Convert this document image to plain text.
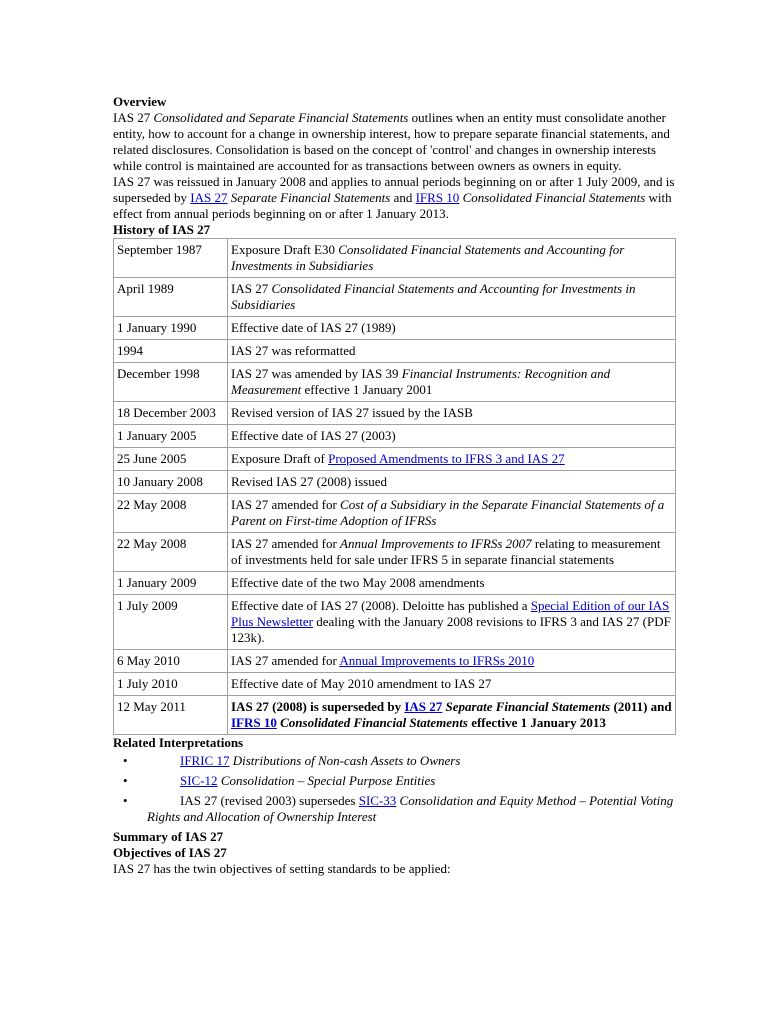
Overview

IAS 27 Consolidated and Separate Financial Statements outlines when an entity must consolidate another entity, how to account for a change in ownership interest, how to prepare separate financial statements, and related disclosures. Consolidation is based on the concept of 'control' and changes in ownership interests while control is maintained are accounted for as transactions between owners as owners in equity.

IAS 27 was reissued in January 2008 and applies to annual periods beginning on or after 1 July 2009, and is superseded by IAS 27 Separate Financial Statements and IFRS 10 Consolidated Financial Statements with effect from annual periods beginning on or after 1 January 2013.

History of IAS 27
September 1987	Exposure Draft E30 Consolidated Financial Statements and Accounting for Investments in Subsidiaries
April 1989	IAS 27 Consolidated Financial Statements and Accounting for Investments in Subsidiaries
1 January 1990	Effective date of IAS 27 (1989)
1994	IAS 27 was reformatted
December 1998	IAS 27 was amended by IAS 39 Financial Instruments: Recognition and Measurement effective 1 January 2001
18 December 2003	Revised version of IAS 27 issued by the IASB
1 January 2005	Effective date of IAS 27 (2003)
25 June 2005	Exposure Draft of Proposed Amendments to IFRS 3 and IAS 27
10 January 2008	Revised IAS 27 (2008) issued
22 May 2008	IAS 27 amended for Cost of a Subsidiary in the Separate Financial Statements of a Parent on First-time Adoption of IFRSs
22 May 2008	IAS 27 amended for Annual Improvements to IFRSs 2007 relating to measurement of investments held for sale under IFRS 5 in separate financial statements
1 January 2009	Effective date of the two May 2008 amendments
1 July 2009	Effective date of IAS 27 (2008). Deloitte has published a Special Edition of our IAS Plus Newsletter dealing with the January 2008 revisions to IFRS 3 and IAS 27 (PDF 123k).
6 May 2010	IAS 27 amended for Annual Improvements to IFRSs 2010
1 July 2010	Effective date of May 2010 amendment to IAS 27
12 May 2011	IAS 27 (2008) is superseded by IAS 27 Separate Financial Statements (2011) and IFRS 10 Consolidated Financial Statements effective 1 January 2013
Related Interpretations
•	IFRIC 17 Distributions of Non-cash Assets to Owners
•	SIC-12 Consolidation – Special Purpose Entities
•	IAS 27 (revised 2003) supersedes SIC-33 Consolidation and Equity Method – Potential Voting Rights and Allocation of Ownership Interest
Summary of IAS 27
Objectives of IAS 27

IAS 27 has the twin objectives of setting standards to be applied:
